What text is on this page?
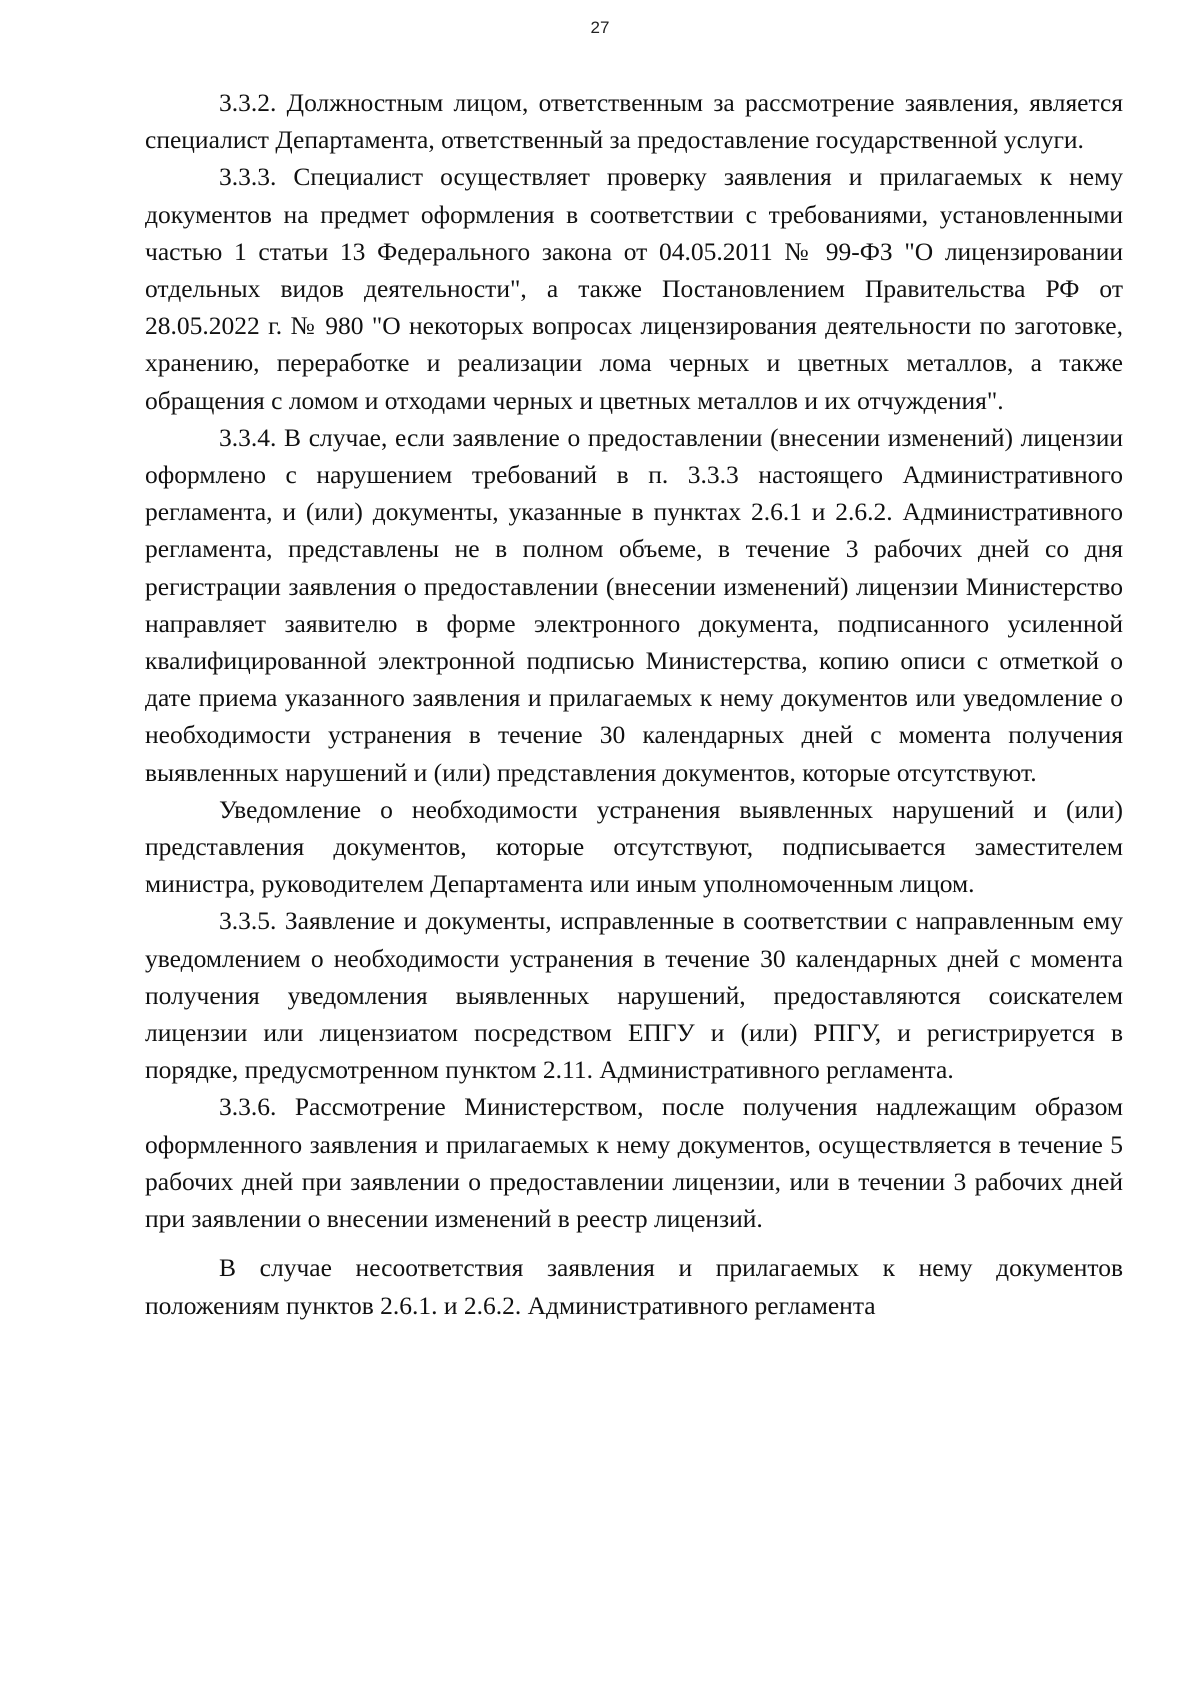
27

3.3.2. Должностным лицом, ответственным за рассмотрение заявления, является специалист Департамента, ответственный за предоставление государственной услуги.

3.3.3. Специалист осуществляет проверку заявления и прилагаемых к нему документов на предмет оформления в соответствии с требованиями, установленными частью 1 статьи 13 Федерального закона от 04.05.2011 № 99-ФЗ "О лицензировании отдельных видов деятельности", а также Постановлением Правительства РФ от 28.05.2022 г. № 980 "О некоторых вопросах лицензирования деятельности по заготовке, хранению, переработке и реализации лома черных и цветных металлов, а также обращения с ломом и отходами черных и цветных металлов и их отчуждения".

3.3.4. В случае, если заявление о предоставлении (внесении изменений) лицензии оформлено с нарушением требований в п. 3.3.3 настоящего Административного регламента, и (или) документы, указанные в пунктах 2.6.1 и 2.6.2. Административного регламента, представлены не в полном объеме, в течение 3 рабочих дней со дня регистрации заявления о предоставлении (внесении изменений) лицензии Министерство направляет заявителю в форме электронного документа, подписанного усиленной квалифицированной электронной подписью Министерства, копию описи с отметкой о дате приема указанного заявления и прилагаемых к нему документов или уведомление о необходимости устранения в течение 30 календарных дней с момента получения выявленных нарушений и (или) представления документов, которые отсутствуют.

Уведомление о необходимости устранения выявленных нарушений и (или) представления документов, которые отсутствуют, подписывается заместителем министра, руководителем Департамента или иным уполномоченным лицом.

3.3.5. Заявление и документы, исправленные в соответствии с направленным ему уведомлением о необходимости устранения в течение 30 календарных дней с момента получения уведомления выявленных нарушений, предоставляются соискателем лицензии или лицензиатом посредством ЕПГУ и (или) РПГУ, и регистрируется в порядке, предусмотренном пунктом 2.11. Административного регламента.

3.3.6. Рассмотрение Министерством, после получения надлежащим образом оформленного заявления и прилагаемых к нему документов, осуществляется в течение 5 рабочих дней при заявлении о предоставлении лицензии, или в течении 3 рабочих дней при заявлении о внесении изменений в реестр лицензий.

В случае несоответствия заявления и прилагаемых к нему документов положениям пунктов 2.6.1. и 2.6.2. Административного регламента
